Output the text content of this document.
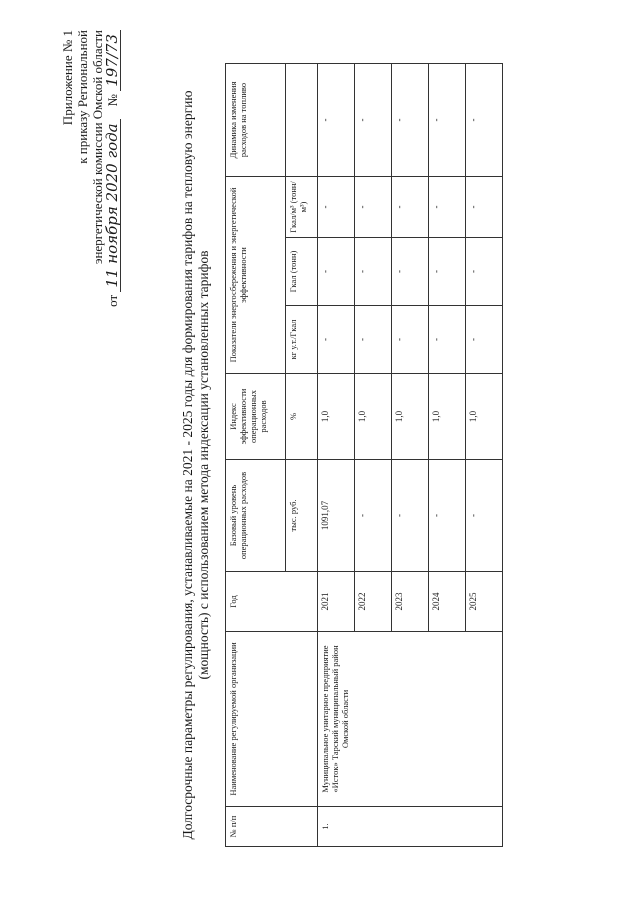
Приложение № 1 к приказу Региональной энергетической комиссии Омской области
от 11 ноября 2020 года    № 197/73
Долгосрочные параметры регулирования, устанавливаемые на 2021 - 2025 годы для формирования тарифов на тепловую энергию (мощность) с использованием метода индексации установленных тарифов
№ п/п	Наименование регулируемой организации	Год	Базовый уровень операционных расходов	Индекс эффективности операционных расходов	Показатели энергосбережения и энергетической эффективности			Динамика изменения расходов на топливо
			тыс. руб.	%	кг у.т./Гкал	Гкал (тонн)	Гкал/м³ (тонн/м³)	
1.	Муниципальное унитарное предприятие «Исток» Тарский муниципальный район Омской области	2021	1091,07	1,0	-	-	-	-
		2022	-	1,0	-	-	-	-
		2023	-	1,0	-	-	-	-
		2024	-	1,0	-	-	-	-
		2025	-	1,0	-	-	-	-
